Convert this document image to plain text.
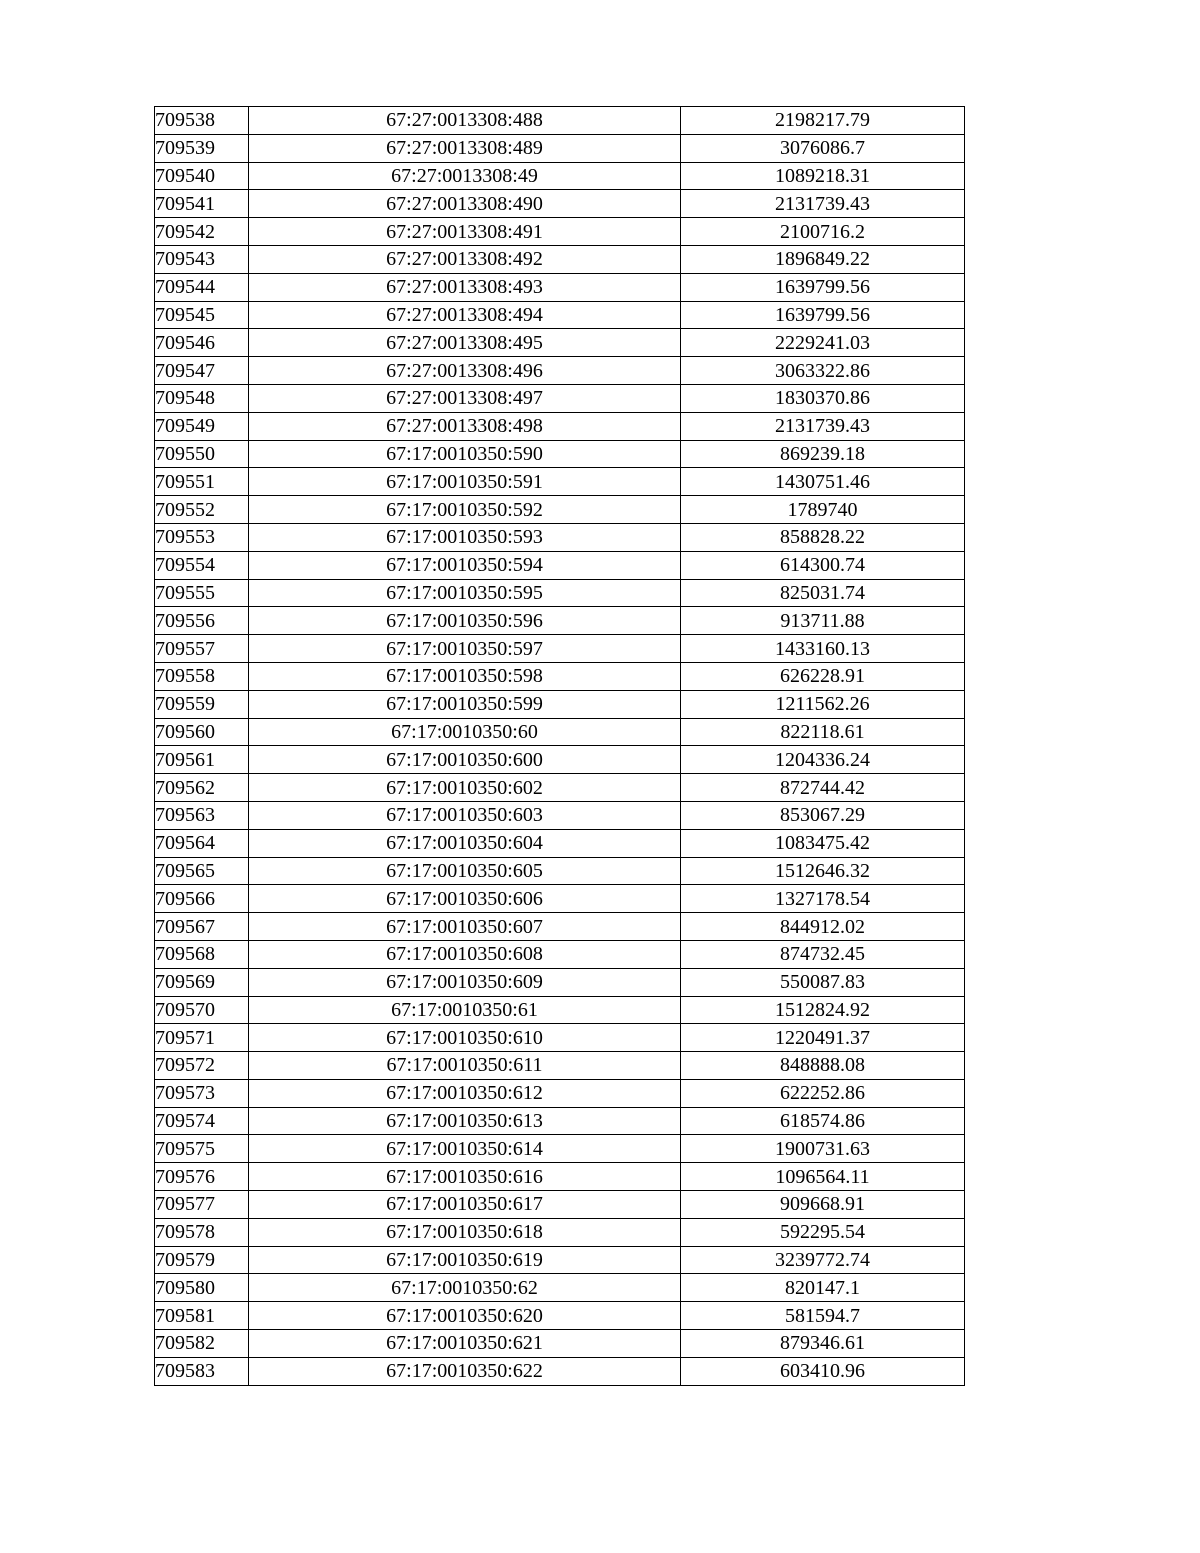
709538	67:27:0013308:488	2198217.79
709539	67:27:0013308:489	3076086.7
709540	67:27:0013308:49	1089218.31
709541	67:27:0013308:490	2131739.43
709542	67:27:0013308:491	2100716.2
709543	67:27:0013308:492	1896849.22
709544	67:27:0013308:493	1639799.56
709545	67:27:0013308:494	1639799.56
709546	67:27:0013308:495	2229241.03
709547	67:27:0013308:496	3063322.86
709548	67:27:0013308:497	1830370.86
709549	67:27:0013308:498	2131739.43
709550	67:17:0010350:590	869239.18
709551	67:17:0010350:591	1430751.46
709552	67:17:0010350:592	1789740
709553	67:17:0010350:593	858828.22
709554	67:17:0010350:594	614300.74
709555	67:17:0010350:595	825031.74
709556	67:17:0010350:596	913711.88
709557	67:17:0010350:597	1433160.13
709558	67:17:0010350:598	626228.91
709559	67:17:0010350:599	1211562.26
709560	67:17:0010350:60	822118.61
709561	67:17:0010350:600	1204336.24
709562	67:17:0010350:602	872744.42
709563	67:17:0010350:603	853067.29
709564	67:17:0010350:604	1083475.42
709565	67:17:0010350:605	1512646.32
709566	67:17:0010350:606	1327178.54
709567	67:17:0010350:607	844912.02
709568	67:17:0010350:608	874732.45
709569	67:17:0010350:609	550087.83
709570	67:17:0010350:61	1512824.92
709571	67:17:0010350:610	1220491.37
709572	67:17:0010350:611	848888.08
709573	67:17:0010350:612	622252.86
709574	67:17:0010350:613	618574.86
709575	67:17:0010350:614	1900731.63
709576	67:17:0010350:616	1096564.11
709577	67:17:0010350:617	909668.91
709578	67:17:0010350:618	592295.54
709579	67:17:0010350:619	3239772.74
709580	67:17:0010350:62	820147.1
709581	67:17:0010350:620	581594.7
709582	67:17:0010350:621	879346.61
709583	67:17:0010350:622	603410.96
